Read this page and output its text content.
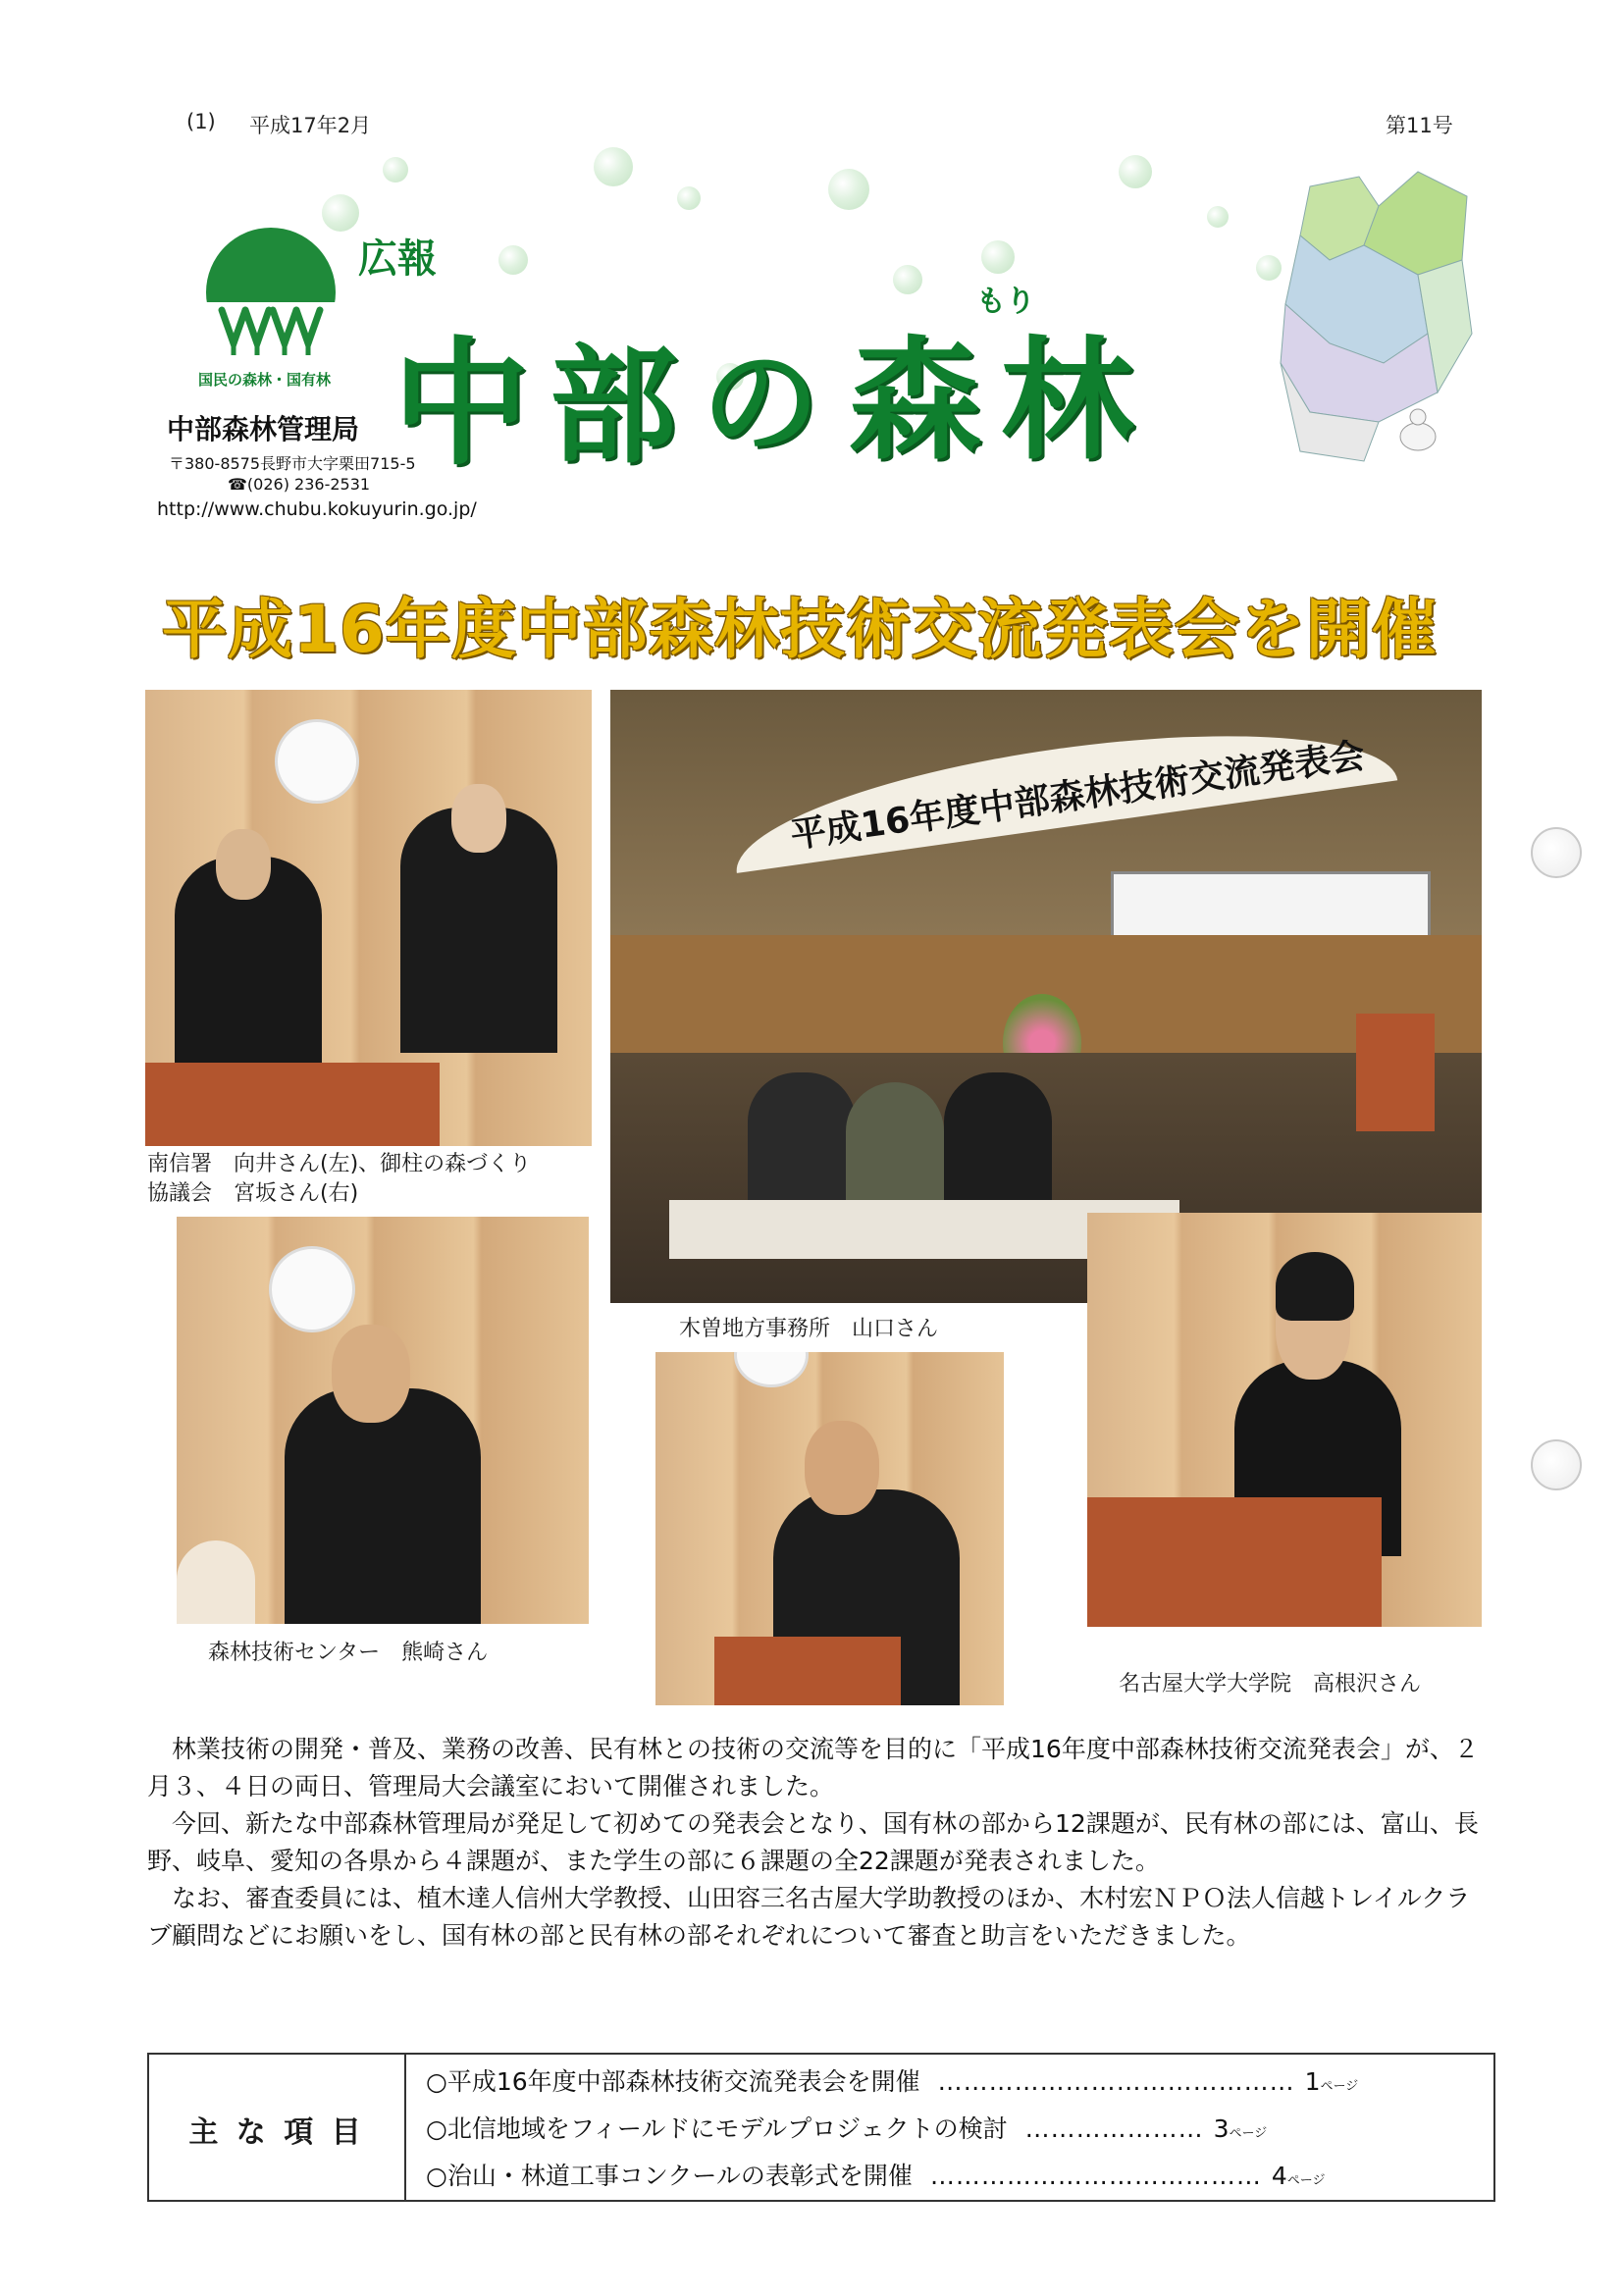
(1) 平成17年2月	第11号
国民の森林・国有林
中部森林管理局
〒380-8575長野市大字栗田715-5
☎(026) 236-2531
http://www.chubu.kokuyurin.go.jp/
広報
中 部 の 森 林
もり
平成16年度中部森林技術交流発表会を開催
南信署　向井さん(左)、御柱の森づくり
協議会　宮坂さん(右)
平成16年度中部森林技術交流発表会
木曽地方事務所　山口さん
森林技術センター　熊崎さん
名古屋大学大学院　高根沢さん
　林業技術の開発・普及、業務の改善、民有林との技術の交流等を目的に「平成16年度中部森林技術交流発表会」が、２月３、４日の両日、管理局大会議室において開催されました。
　今回、新たな中部森林管理局が発足して初めての発表会となり、国有林の部から12課題が、民有林の部には、富山、長野、岐阜、愛知の各県から４課題が、また学生の部に６課題の全22課題が発表されました。
　なお、審査委員には、植木達人信州大学教授、山田容三名古屋大学助教授のほか、木村宏ＮＰＯ法人信越トレイルクラブ顧問などにお願いをし、国有林の部と民有林の部それぞれについて審査と助言をいただきました。
主 な 項 目
○平成16年度中部森林技術交流発表会を開催 …………………………………… 1ページ
○北信地域をフィールドにモデルプロジェクトの検討 ………………… 3ページ
○治山・林道工事コンクールの表彰式を開催 ………………………………… 4ページ
